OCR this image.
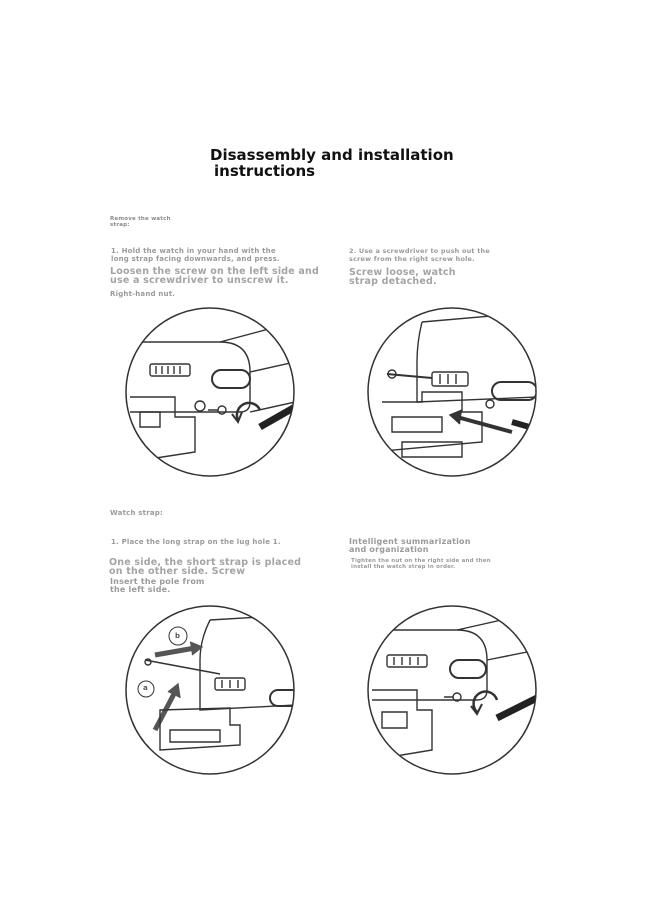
Disassembly and installation
instructions
Remove the watch
strap:
1. Hold the watch in your hand with the
long strap facing downwards, and press.
Loosen the screw on the left side and
use a screwdriver to unscrew it.
Right-hand nut.
2. Use a screwdriver to push out the
screw from the right screw hole.
Screw loose, watch
strap detached.
Watch strap:
1. Place the long strap on the lug hole 1.
One side, the short strap is placed
on the other side. Screw
Insert the pole from
the left side.
Intelligent summarization
and organization
Tighten the nut on the right side and then
install the watch strap in order.
b
a
